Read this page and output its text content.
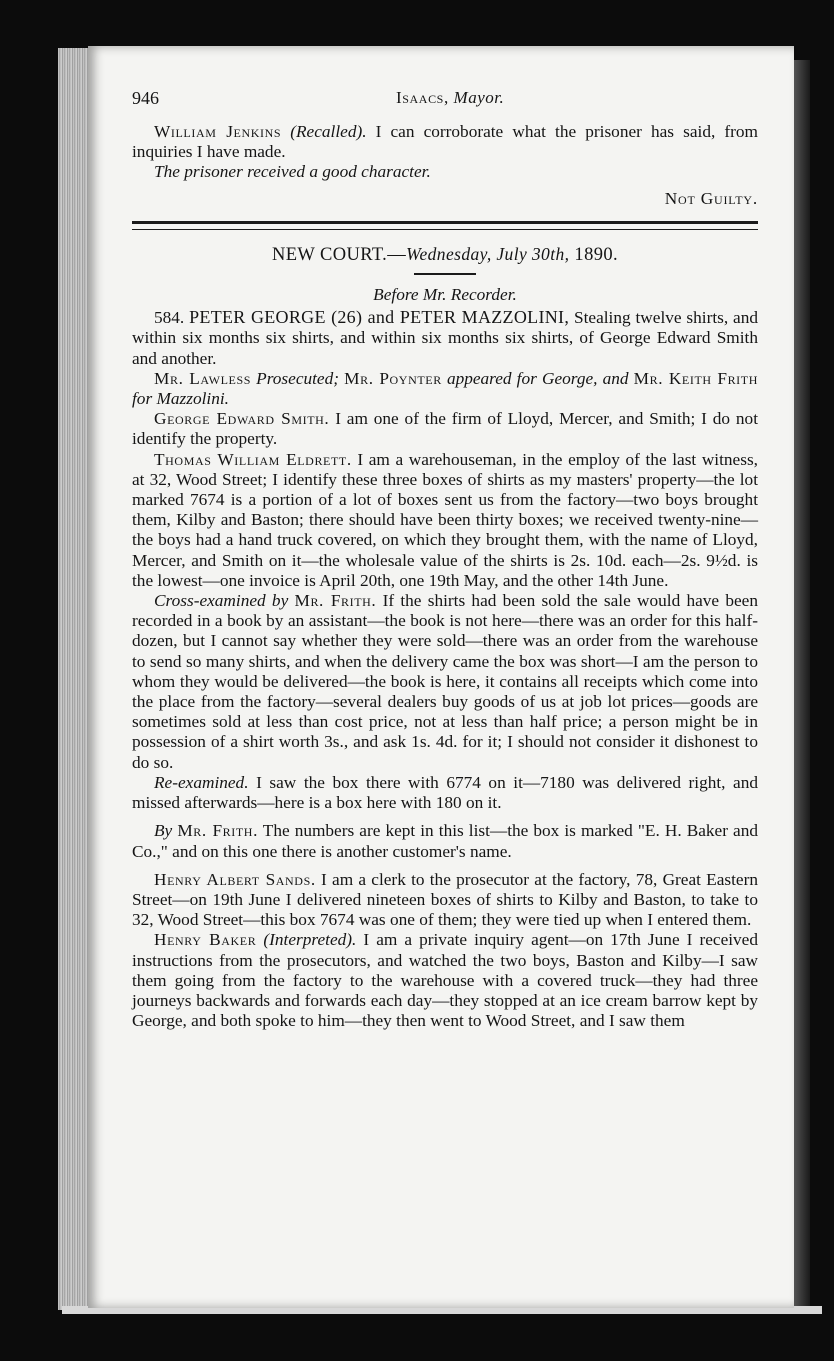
946	Isaacs, Mayor.

William Jenkins (Recalled). I can corroborate what the prisoner has said, from inquiries I have made.

The prisoner received a good character.

Not Guilty.

NEW COURT.—Wednesday, July 30th, 1890.

Before Mr. Recorder.

584. PETER GEORGE (26) and PETER MAZZOLINI, Stealing twelve shirts, and within six months six shirts, and within six months six shirts, of George Edward Smith and another.

Mr. Lawless Prosecuted; Mr. Poynter appeared for George, and Mr. Keith Frith for Mazzolini.

George Edward Smith. I am one of the firm of Lloyd, Mercer, and Smith; I do not identify the property.

Thomas William Eldrett. I am a warehouseman, in the employ of the last witness, at 32, Wood Street; I identify these three boxes of shirts as my masters' property—the lot marked 7674 is a portion of a lot of boxes sent us from the factory—two boys brought them, Kilby and Baston; there should have been thirty boxes; we received twenty-nine—the boys had a hand truck covered, on which they brought them, with the name of Lloyd, Mercer, and Smith on it—the wholesale value of the shirts is 2s. 10d. each—2s. 9½d. is the lowest—one invoice is April 20th, one 19th May, and the other 14th June.

Cross-examined by Mr. Frith. If the shirts had been sold the sale would have been recorded in a book by an assistant—the book is not here—there was an order for this half-dozen, but I cannot say whether they were sold—there was an order from the warehouse to send so many shirts, and when the delivery came the box was short—I am the person to whom they would be delivered—the book is here, it contains all receipts which come into the place from the factory—several dealers buy goods of us at job lot prices—goods are sometimes sold at less than cost price, not at less than half price; a person might be in possession of a shirt worth 3s., and ask 1s. 4d. for it; I should not consider it dishonest to do so.

Re-examined. I saw the box there with 6774 on it—7180 was delivered right, and missed afterwards—here is a box here with 180 on it.

By Mr. Frith. The numbers are kept in this list—the box is marked "E. H. Baker and Co.," and on this one there is another customer's name.

Henry Albert Sands. I am a clerk to the prosecutor at the factory, 78, Great Eastern Street—on 19th June I delivered nineteen boxes of shirts to Kilby and Baston, to take to 32, Wood Street—this box 7674 was one of them; they were tied up when I entered them.

Henry Baker (Interpreted). I am a private inquiry agent—on 17th June I received instructions from the prosecutors, and watched the two boys, Baston and Kilby—I saw them going from the factory to the warehouse with a covered truck—they had three journeys backwards and forwards each day—they stopped at an ice cream barrow kept by George, and both spoke to him—they then went to Wood Street, and I saw them
